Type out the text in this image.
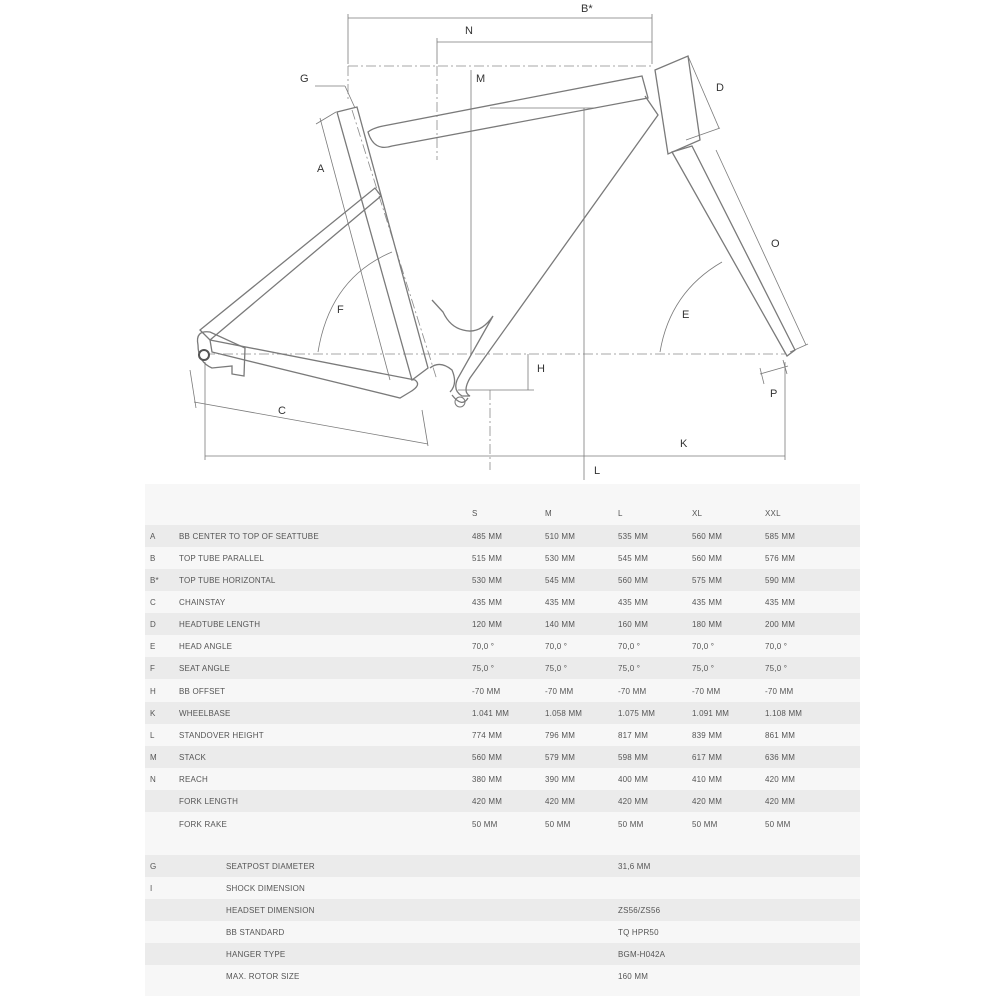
B*
N
M
G
D
A
O
F	E
H
P
C
K
L
S	M	L	XL	XXL
A	BB CENTER TO TOP OF SEATTUBE	485 MM	510 MM	535 MM	560 MM	585 MM
B	TOP TUBE PARALLEL	515 MM	530 MM	545 MM	560 MM	576 MM
B*	TOP TUBE HORIZONTAL	530 MM	545 MM	560 MM	575 MM	590 MM
C	CHAINSTAY	435 MM	435 MM	435 MM	435 MM	435 MM
D	HEADTUBE LENGTH	120 MM	140 MM	160 MM	180 MM	200 MM
E	HEAD ANGLE	70,0 °	70,0 °	70,0 °	70,0 °	70,0 °
F	SEAT ANGLE	75,0 °	75,0 °	75,0 °	75,0 °	75,0 °
H	BB OFFSET	-70 MM	-70 MM	-70 MM	-70 MM	-70 MM
K	WHEELBASE	1.041 MM	1.058 MM	1.075 MM	1.091 MM	1.108 MM
L	STANDOVER HEIGHT	774 MM	796 MM	817 MM	839 MM	861 MM
M	STACK	560 MM	579 MM	598 MM	617 MM	636 MM
N	REACH	380 MM	390 MM	400 MM	410 MM	420 MM
FORK LENGTH	420 MM	420 MM	420 MM	420 MM	420 MM
FORK RAKE	50 MM	50 MM	50 MM	50 MM	50 MM
G	SEATPOST DIAMETER	31,6 MM
I	SHOCK DIMENSION
HEADSET DIMENSION	ZS56/ZS56
BB STANDARD	TQ HPR50
HANGER TYPE	BGM-H042A
MAX. ROTOR SIZE	160 MM
